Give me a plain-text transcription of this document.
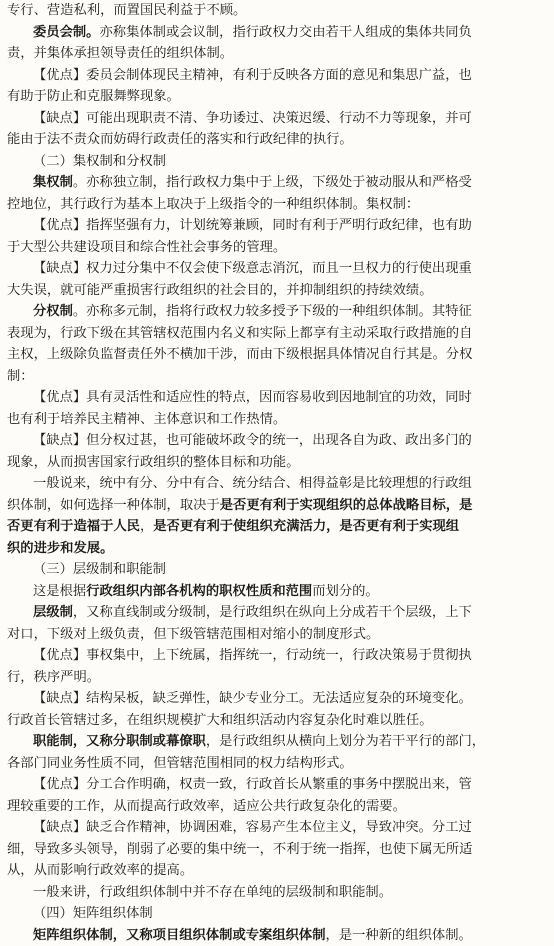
专行、营造私利，而置国民利益于不顾。
委员会制。亦称集体制或会议制，指行政权力交由若干人组成的集体共同负
责，并集体承担领导责任的组织体制。
【优点】委员会制体现民主精神，有利于反映各方面的意见和集思广益，也
有助于防止和克服舞弊现象。
【缺点】可能出现职责不清、争功诿过、决策迟缓、行动不力等现象，并可
能由于法不责众而妨碍行政责任的落实和行政纪律的执行。
（二）集权制和分权制
集权制。亦称独立制，指行政权力集中于上级，下级处于被动服从和严格受
控地位，其行政行为基本上取决于上级指令的一种组织体制。集权制：
【优点】指挥坚强有力，计划统筹兼顾，同时有利于严明行政纪律，也有助
于大型公共建设项目和综合性社会事务的管理。
【缺点】权力过分集中不仅会使下级意志消沉，而且一旦权力的行使出现重
大失误，就可能严重损害行政组织的社会目的，并抑制组织的持续效绩。
分权制。亦称多元制，指将行政权力较多授予下级的一种组织体制。其特征
表现为，行政下级在其管辖权范围内名义和实际上都享有主动采取行政措施的自
主权，上级除负监督责任外不横加干涉，而由下级根据具体情况自行其是。分权
制：
【优点】具有灵活性和适应性的特点，因而容易收到因地制宜的功效，同时
也有利于培养民主精神、主体意识和工作热情。
【缺点】但分权过甚，也可能破坏政令的统一，出现各自为政、政出多门的
现象，从而损害国家行政组织的整体目标和功能。
一般说来，统中有分、分中有合、统分结合、相得益彰是比较理想的行政组
织体制，如何选择一种体制，取决于是否更有利于实现组织的总体战略目标，是
否更有利于造福于人民，是否更有利于使组织充满活力，是否更有利于实现组
织的进步和发展。
（三）层级制和职能制
这是根据行政组织内部各机构的职权性质和范围而划分的。
层级制，又称直线制或分级制，是行政组织在纵向上分成若干个层级，上下
对口，下级对上级负责，但下级管辖范围相对缩小的制度形式。
【优点】事权集中，上下统属，指挥统一，行动统一，行政决策易于贯彻执
行，秩序严明。
【缺点】结构呆板，缺乏弹性，缺少专业分工。无法适应复杂的环境变化。
行政首长管辖过多，在组织规模扩大和组织活动内容复杂化时难以胜任。
职能制，又称分职制或幕僚职，是行政组织从横向上划分为若干平行的部门，
各部门同业务性质不同，但管辖范围相同的权力结构形式。
【优点】分工合作明确，权责一致，行政首长从繁重的事务中摆脱出来，管
理较重要的工作，从而提高行政效率，适应公共行政复杂化的需要。
【缺点】缺乏合作精神，协调困难，容易产生本位主义，导致冲突。分工过
细，导致多头领导，削弱了必要的集中统一，不利于统一指挥，也使下属无所适
从，从而影响行政效率的提高。
一般来讲，行政组织体制中并不存在单纯的层级制和职能制。
（四）矩阵组织体制
矩阵组织体制，又称项目组织体制或专案组织体制，是一种新的组织体制。
